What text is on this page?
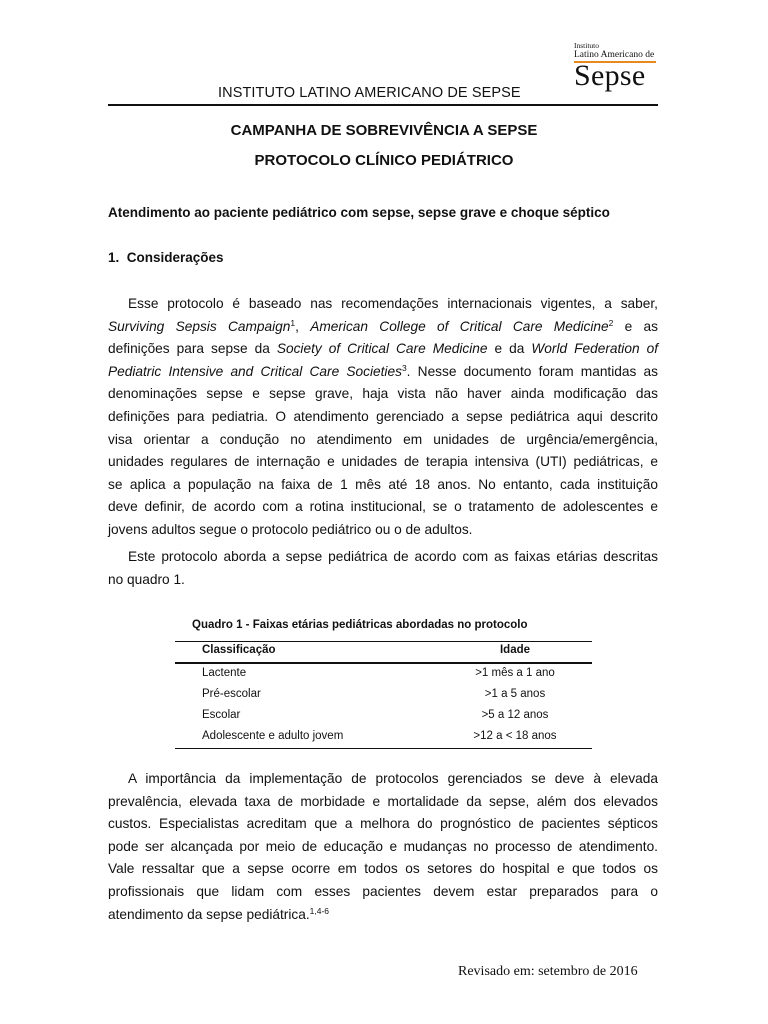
INSTITUTO LATINO AMERICANO DE SEPSE
Instituto
Latino Americano de
Sepse
CAMPANHA DE SOBREVIVÊNCIA A SEPSE
PROTOCOLO CLÍNICO PEDIÁTRICO
Atendimento ao paciente pediátrico com sepse, sepse grave e choque séptico
1. Considerações
Esse protocolo é baseado nas recomendações internacionais vigentes, a saber,
Surviving Sepsis Campaign$^1$, American College of Critical Care Medicine$^2$ e as
definições para sepse da Society of Critical Care Medicine e da World Federation of
Pediatric Intensive and Critical Care Societies$^3$. Nesse documento foram mantidas as
denominações sepse e sepse grave, haja vista não haver ainda modificação das
definições para pediatria. O atendimento gerenciado a sepse pediátrica aqui descrito
visa orientar a condução no atendimento em unidades de urgência/emergência,
unidades regulares de internação e unidades de terapia intensiva (UTI) pediátricas, e
se aplica a população na faixa de 1 mês até 18 anos. No entanto, cada instituição
deve definir, de acordo com a rotina institucional, se o tratamento de adolescentes e
jovens adultos segue o protocolo pediátrico ou o de adultos.
Este protocolo aborda a sepse pediátrica de acordo com as faixas etárias descritas
no quadro 1.
Quadro 1 - Faixas etárias pediátricas abordadas no protocolo
Classificação	Idade
Lactente	>1 mês a 1 ano
Pré-escolar	>1 a 5 anos
Escolar	>5 a 12 anos
Adolescente e adulto jovem	>12 a < 18 anos
A importância da implementação de protocolos gerenciados se deve à elevada
prevalência, elevada taxa de morbidade e mortalidade da sepse, além dos elevados
custos. Especialistas acreditam que a melhora do prognóstico de pacientes sépticos
pode ser alcançada por meio de educação e mudanças no processo de atendimento.
Vale ressaltar que a sepse ocorre em todos os setores do hospital e que todos os
profissionais que lidam com esses pacientes devem estar preparados para o
atendimento da sepse pediátrica.$^{1,4-6}$
Revisado em: setembro de 2016
